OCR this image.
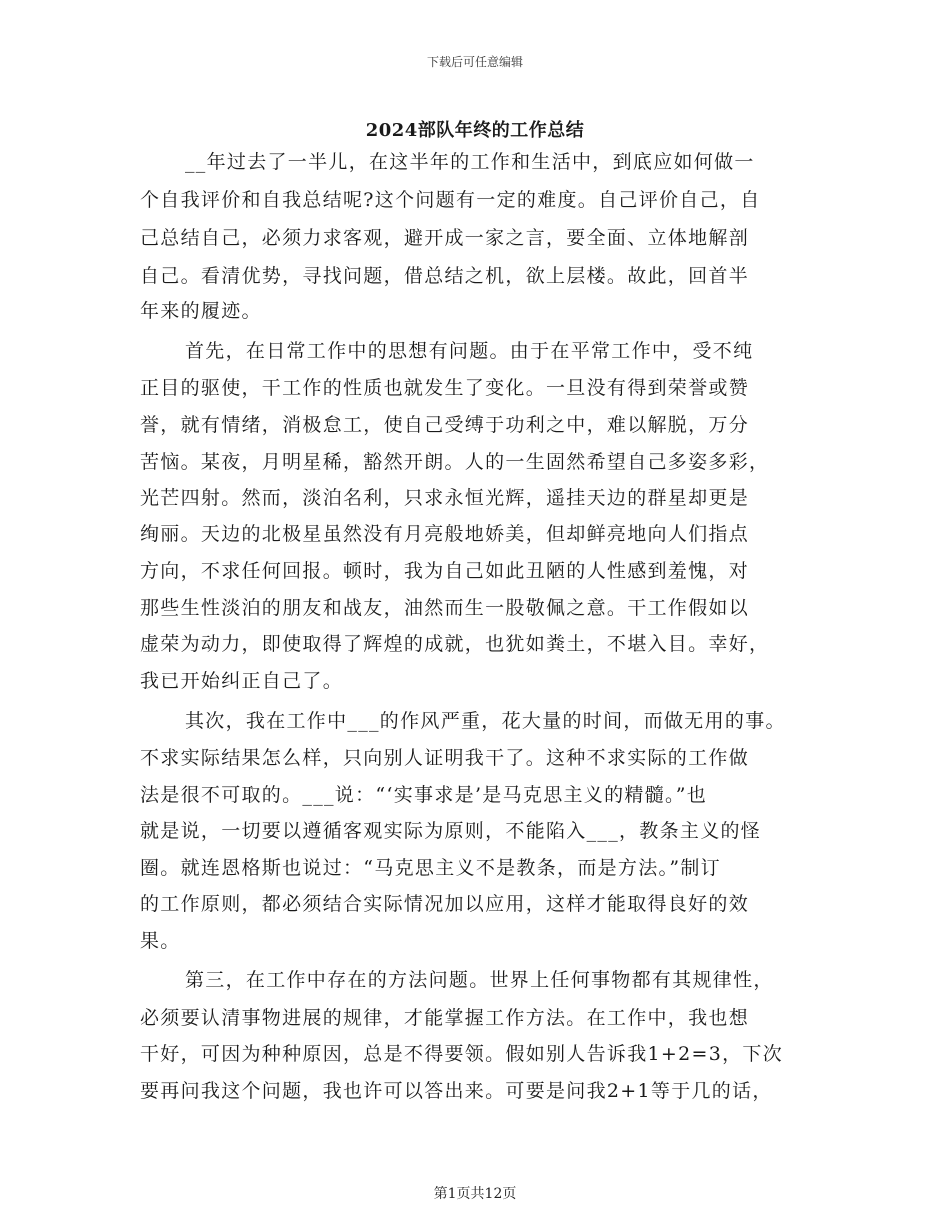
下载后可任意编辑
2024部队年终的工作总结
__年过去了一半儿，在这半年的工作和生活中，到底应如何做一
个自我评价和自我总结呢?这个问题有一定的难度。自己评价自己，自
己总结自己，必须力求客观，避开成一家之言，要全面、立体地解剖
自己。看清优势，寻找问题，借总结之机，欲上层楼。故此，回首半
年来的履迹。
首先，在日常工作中的思想有问题。由于在平常工作中，受不纯
正目的驱使，干工作的性质也就发生了变化。一旦没有得到荣誉或赞
誉，就有情绪，消极怠工，使自己受缚于功利之中，难以解脱，万分
苦恼。某夜，月明星稀，豁然开朗。人的一生固然希望自己多姿多彩，
光芒四射。然而，淡泊名利，只求永恒光辉，遥挂天边的群星却更是
绚丽。天边的北极星虽然没有月亮般地娇美，但却鲜亮地向人们指点
方向，不求任何回报。顿时，我为自己如此丑陋的人性感到羞愧，对
那些生性淡泊的朋友和战友，油然而生一股敬佩之意。干工作假如以
虚荣为动力，即使取得了辉煌的成就，也犹如粪土，不堪入目。幸好，
我已开始纠正自己了。
其次，我在工作中___的作风严重，花大量的时间，而做无用的事。
不求实际结果怎么样，只向别人证明我干了。这种不求实际的工作做
法是很不可取的。___说：“‘实事求是’是马克思主义的精髓。”也
就是说，一切要以遵循客观实际为原则，不能陷入___，教条主义的怪
圈。就连恩格斯也说过：“马克思主义不是教条，而是方法。”制订
的工作原则，都必须结合实际情况加以应用，这样才能取得良好的效
果。
第三，在工作中存在的方法问题。世界上任何事物都有其规律性，
必须要认清事物进展的规律，才能掌握工作方法。在工作中，我也想
干好，可因为种种原因，总是不得要领。假如别人告诉我1+2=3，下次
要再问我这个问题，我也许可以答出来。可要是问我2+1等于几的话，
第1页共12页
